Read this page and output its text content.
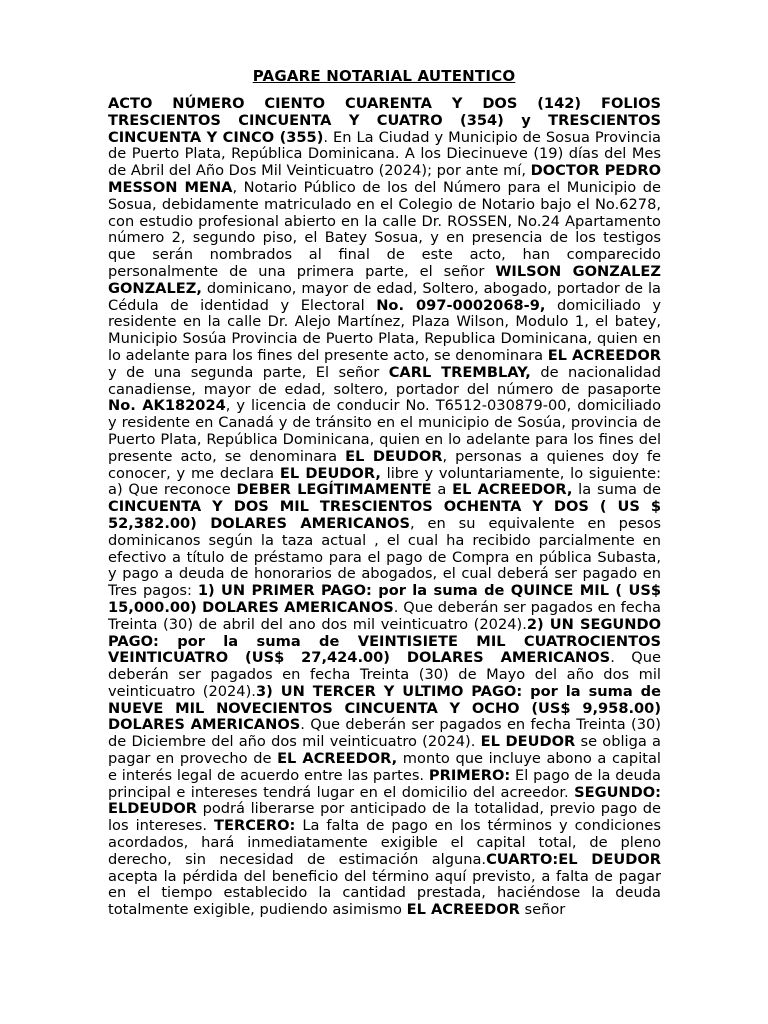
PAGARE NOTARIAL AUTENTICO

ACTO NÚMERO CIENTO CUARENTA Y DOS (142) FOLIOS TRESCIENTOS CINCUENTA Y CUATRO (354) y TRESCIENTOS CINCUENTA Y CINCO (355). En La Ciudad y Municipio de Sosua Provincia de Puerto Plata, República Dominicana. A los Diecinueve (19) días del Mes de Abril del Año Dos Mil Veinticuatro (2024); por ante mí, DOCTOR PEDRO MESSON MENA, Notario Público de los del Número para el Municipio de Sosua, debidamente matriculado en el Colegio de Notario bajo el No.6278, con estudio profesional abierto en la calle Dr. ROSSEN, No.24 Apartamento número 2, segundo piso, el Batey Sosua, y en presencia de los testigos que serán nombrados al final de este acto, han comparecido personalmente de una primera parte, el señor WILSON GONZALEZ GONZALEZ, dominicano, mayor de edad, Soltero, abogado, portador de la Cédula de identidad y Electoral No. 097-0002068-9, domiciliado y residente en la calle Dr. Alejo Martínez, Plaza Wilson, Modulo 1, el batey, Municipio Sosúa Provincia de Puerto Plata, Republica Dominicana, quien en lo adelante para los fines del presente acto, se denominara EL ACREEDOR y de una segunda parte, El señor CARL TREMBLAY, de nacionalidad canadiense, mayor de edad, soltero, portador del número de pasaporte No. AK182024, y licencia de conducir No. T6512-030879-00, domiciliado y residente en Canadá y de tránsito en el municipio de Sosúa, provincia de Puerto Plata, República Dominicana, quien en lo adelante para los fines del presente acto, se denominara EL DEUDOR, personas a quienes doy fe conocer, y me declara EL DEUDOR, libre y voluntariamente, lo siguiente: a) Que reconoce DEBER LEGÍTIMAMENTE a EL ACREEDOR, la suma de CINCUENTA Y DOS MIL TRESCIENTOS OCHENTA Y DOS ( US $ 52,382.00) DOLARES AMERICANOS, en su equivalente en pesos dominicanos según la taza actual , el cual ha recibido parcialmente en efectivo a título de préstamo para el pago de Compra en pública Subasta, y pago a deuda de honorarios de abogados, el cual deberá ser pagado en Tres pagos: 1) UN PRIMER PAGO: por la suma de QUINCE MIL ( US$ 15,000.00) DOLARES AMERICANOS. Que deberán ser pagados en fecha Treinta (30) de abril del ano dos mil veinticuatro (2024).2) UN SEGUNDO PAGO: por la suma de VEINTISIETE MIL CUATROCIENTOS VEINTICUATRO (US$ 27,424.00) DOLARES AMERICANOS. Que deberán ser pagados en fecha Treinta (30) de Mayo del año dos mil veinticuatro (2024).3) UN TERCER Y ULTIMO PAGO: por la suma de NUEVE MIL NOVECIENTOS CINCUENTA Y OCHO (US$ 9,958.00) DOLARES AMERICANOS. Que deberán ser pagados en fecha Treinta (30) de Diciembre del año dos mil veinticuatro (2024). EL DEUDOR se obliga a pagar en provecho de EL ACREEDOR, monto que incluye abono a capital e interés legal de acuerdo entre las partes. PRIMERO: El pago de la deuda principal e intereses tendrá lugar en el domicilio del acreedor. SEGUNDO: ELDEUDOR podrá liberarse por anticipado de la totalidad, previo pago de los intereses. TERCERO: La falta de pago en los términos y condiciones acordados, hará inmediatamente exigible el capital total, de pleno derecho, sin necesidad de estimación alguna.CUARTO:EL DEUDOR acepta la pérdida del beneficio del término aquí previsto, a falta de pagar en el tiempo establecido la cantidad prestada, haciéndose la deuda totalmente exigible, pudiendo asimismo EL ACREEDOR señor
